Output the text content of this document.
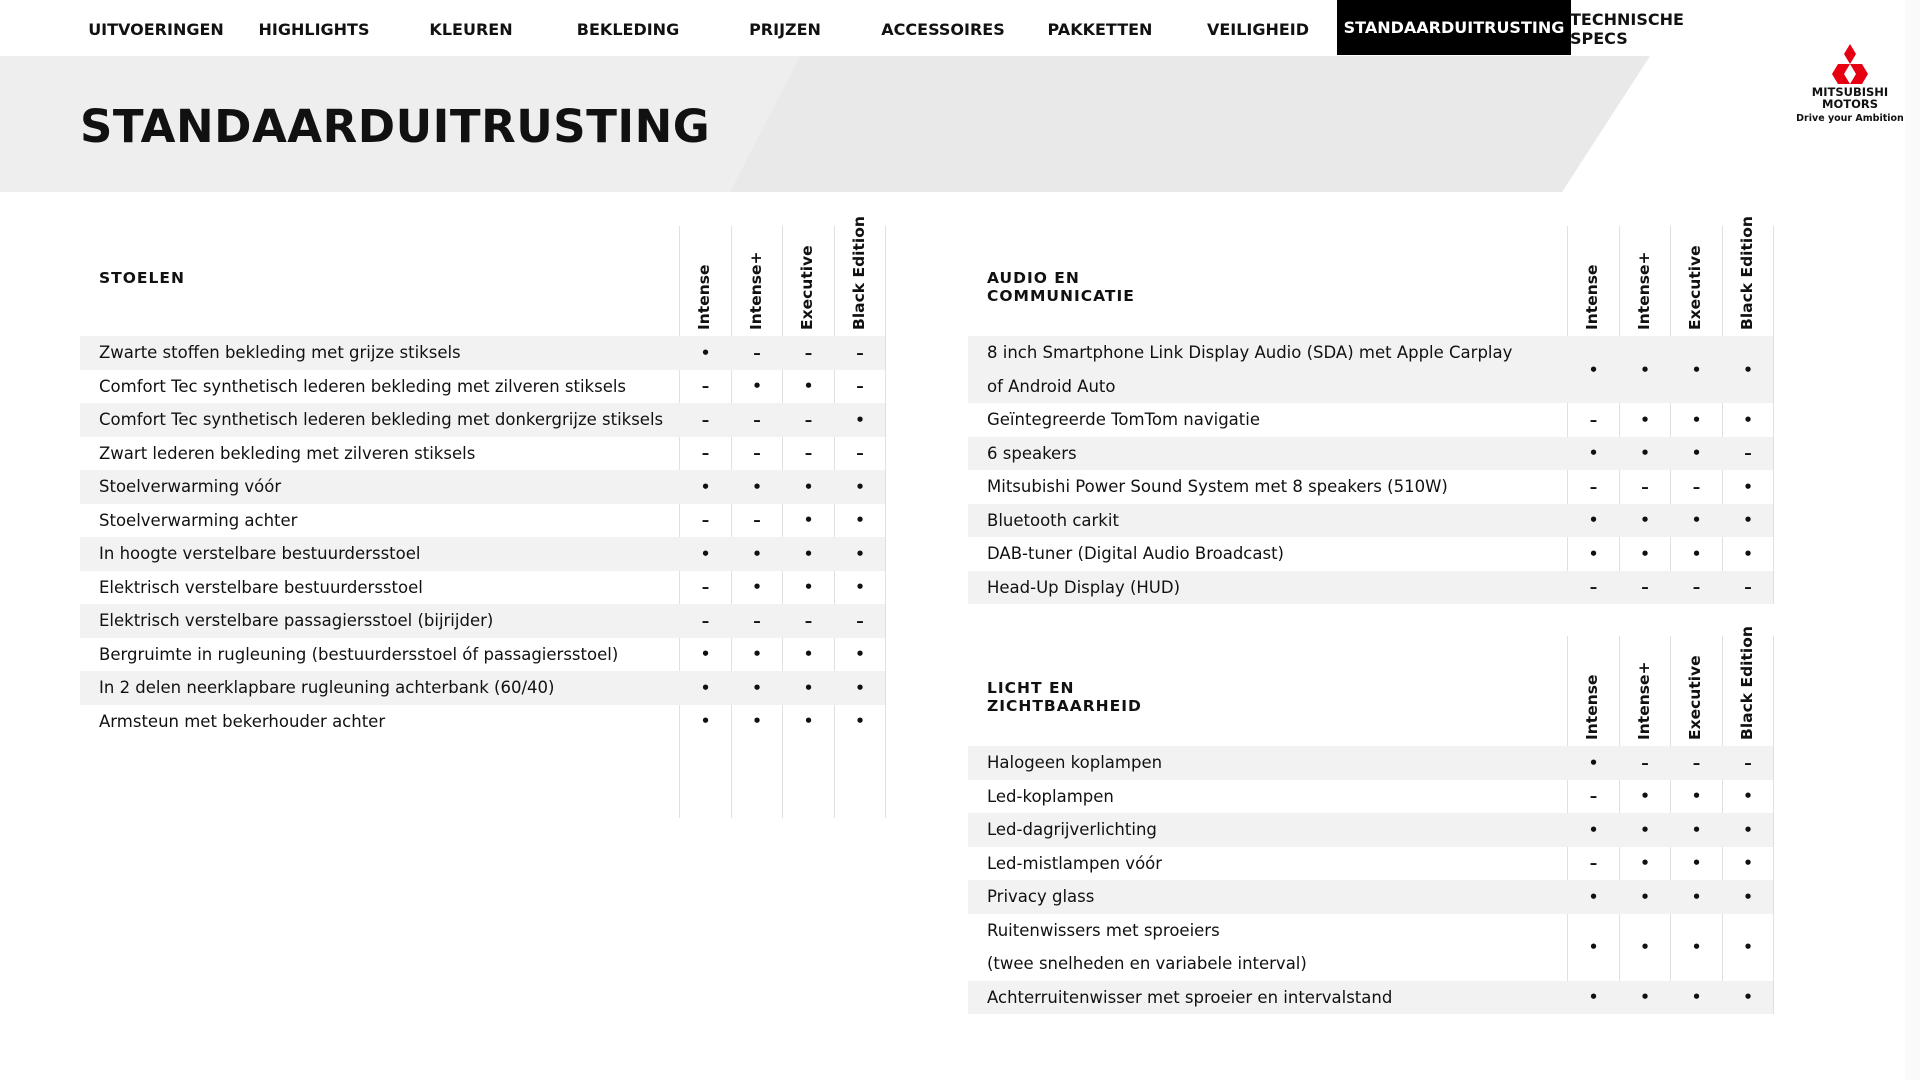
UITVOERINGEN	HIGHLIGHTS	KLEUREN	BEKLEDING	PRIJZEN	ACCESSOIRES	PAKKETTEN	VEILIGHEID	STANDAARDUITRUSTING TECHNISCHE SPECS
STANDAARDUITRUSTING
MITSUBISHI
MOTORS
Drive your Ambition
STOELEN	Intense Intense+ Executive Black Edition
Zwarte stoffen bekleding met grijze stiksels	•	–	–	–
Comfort Tec synthetisch lederen bekleding met zilveren stiksels	–	•	•	–
Comfort Tec synthetisch lederen bekleding met donkergrijze stiksels	–	–	–	•
Zwart lederen bekleding met zilveren stiksels	–	–	–	–
Stoelverwarming vóór	•	•	•	•
Stoelverwarming achter	–	–	•	•
In hoogte verstelbare bestuurdersstoel	•	•	•	•
Elektrisch verstelbare bestuurdersstoel	–	•	•	•
Elektrisch verstelbare passagiersstoel (bijrijder)	–	–	–	–
Bergruimte in rugleuning (bestuurdersstoel óf passagiersstoel)	•	•	•	•
In 2 delen neerklapbare rugleuning achterbank (60/40)	•	•	•	•
Armsteun met bekerhouder achter	•	•	•	•
AUDIO EN COMMUNICATIE	Intense Intense+ Executive Black Edition
8 inch Smartphone Link Display Audio (SDA) met Apple Carplay
of Android Auto
•	•	•	•
Geïntegreerde TomTom navigatie	–	•	•	•
6 speakers	•	•	•	–
Mitsubishi Power Sound System met 8 speakers (510W)	–	–	–	•
Bluetooth carkit	•	•	•	•
DAB-tuner (Digital Audio Broadcast)	•	•	•	•
Head-Up Display (HUD)	–	–	–	–
LICHT EN ZICHTBAARHEID	Intense Intense+ Executive Black Edition
Halogeen koplampen	•	–	–	–
Led-koplampen	–	•	•	•
Led-dagrijverlichting	•	•	•	•
Led-mistlampen vóór	–	•	•	•
Privacy glass	•	•	•	•
Ruitenwissers met sproeiers
(twee snelheden en variabele interval)
•	•	•	•
Achterruitenwisser met sproeier en intervalstand	•	•	•	•
